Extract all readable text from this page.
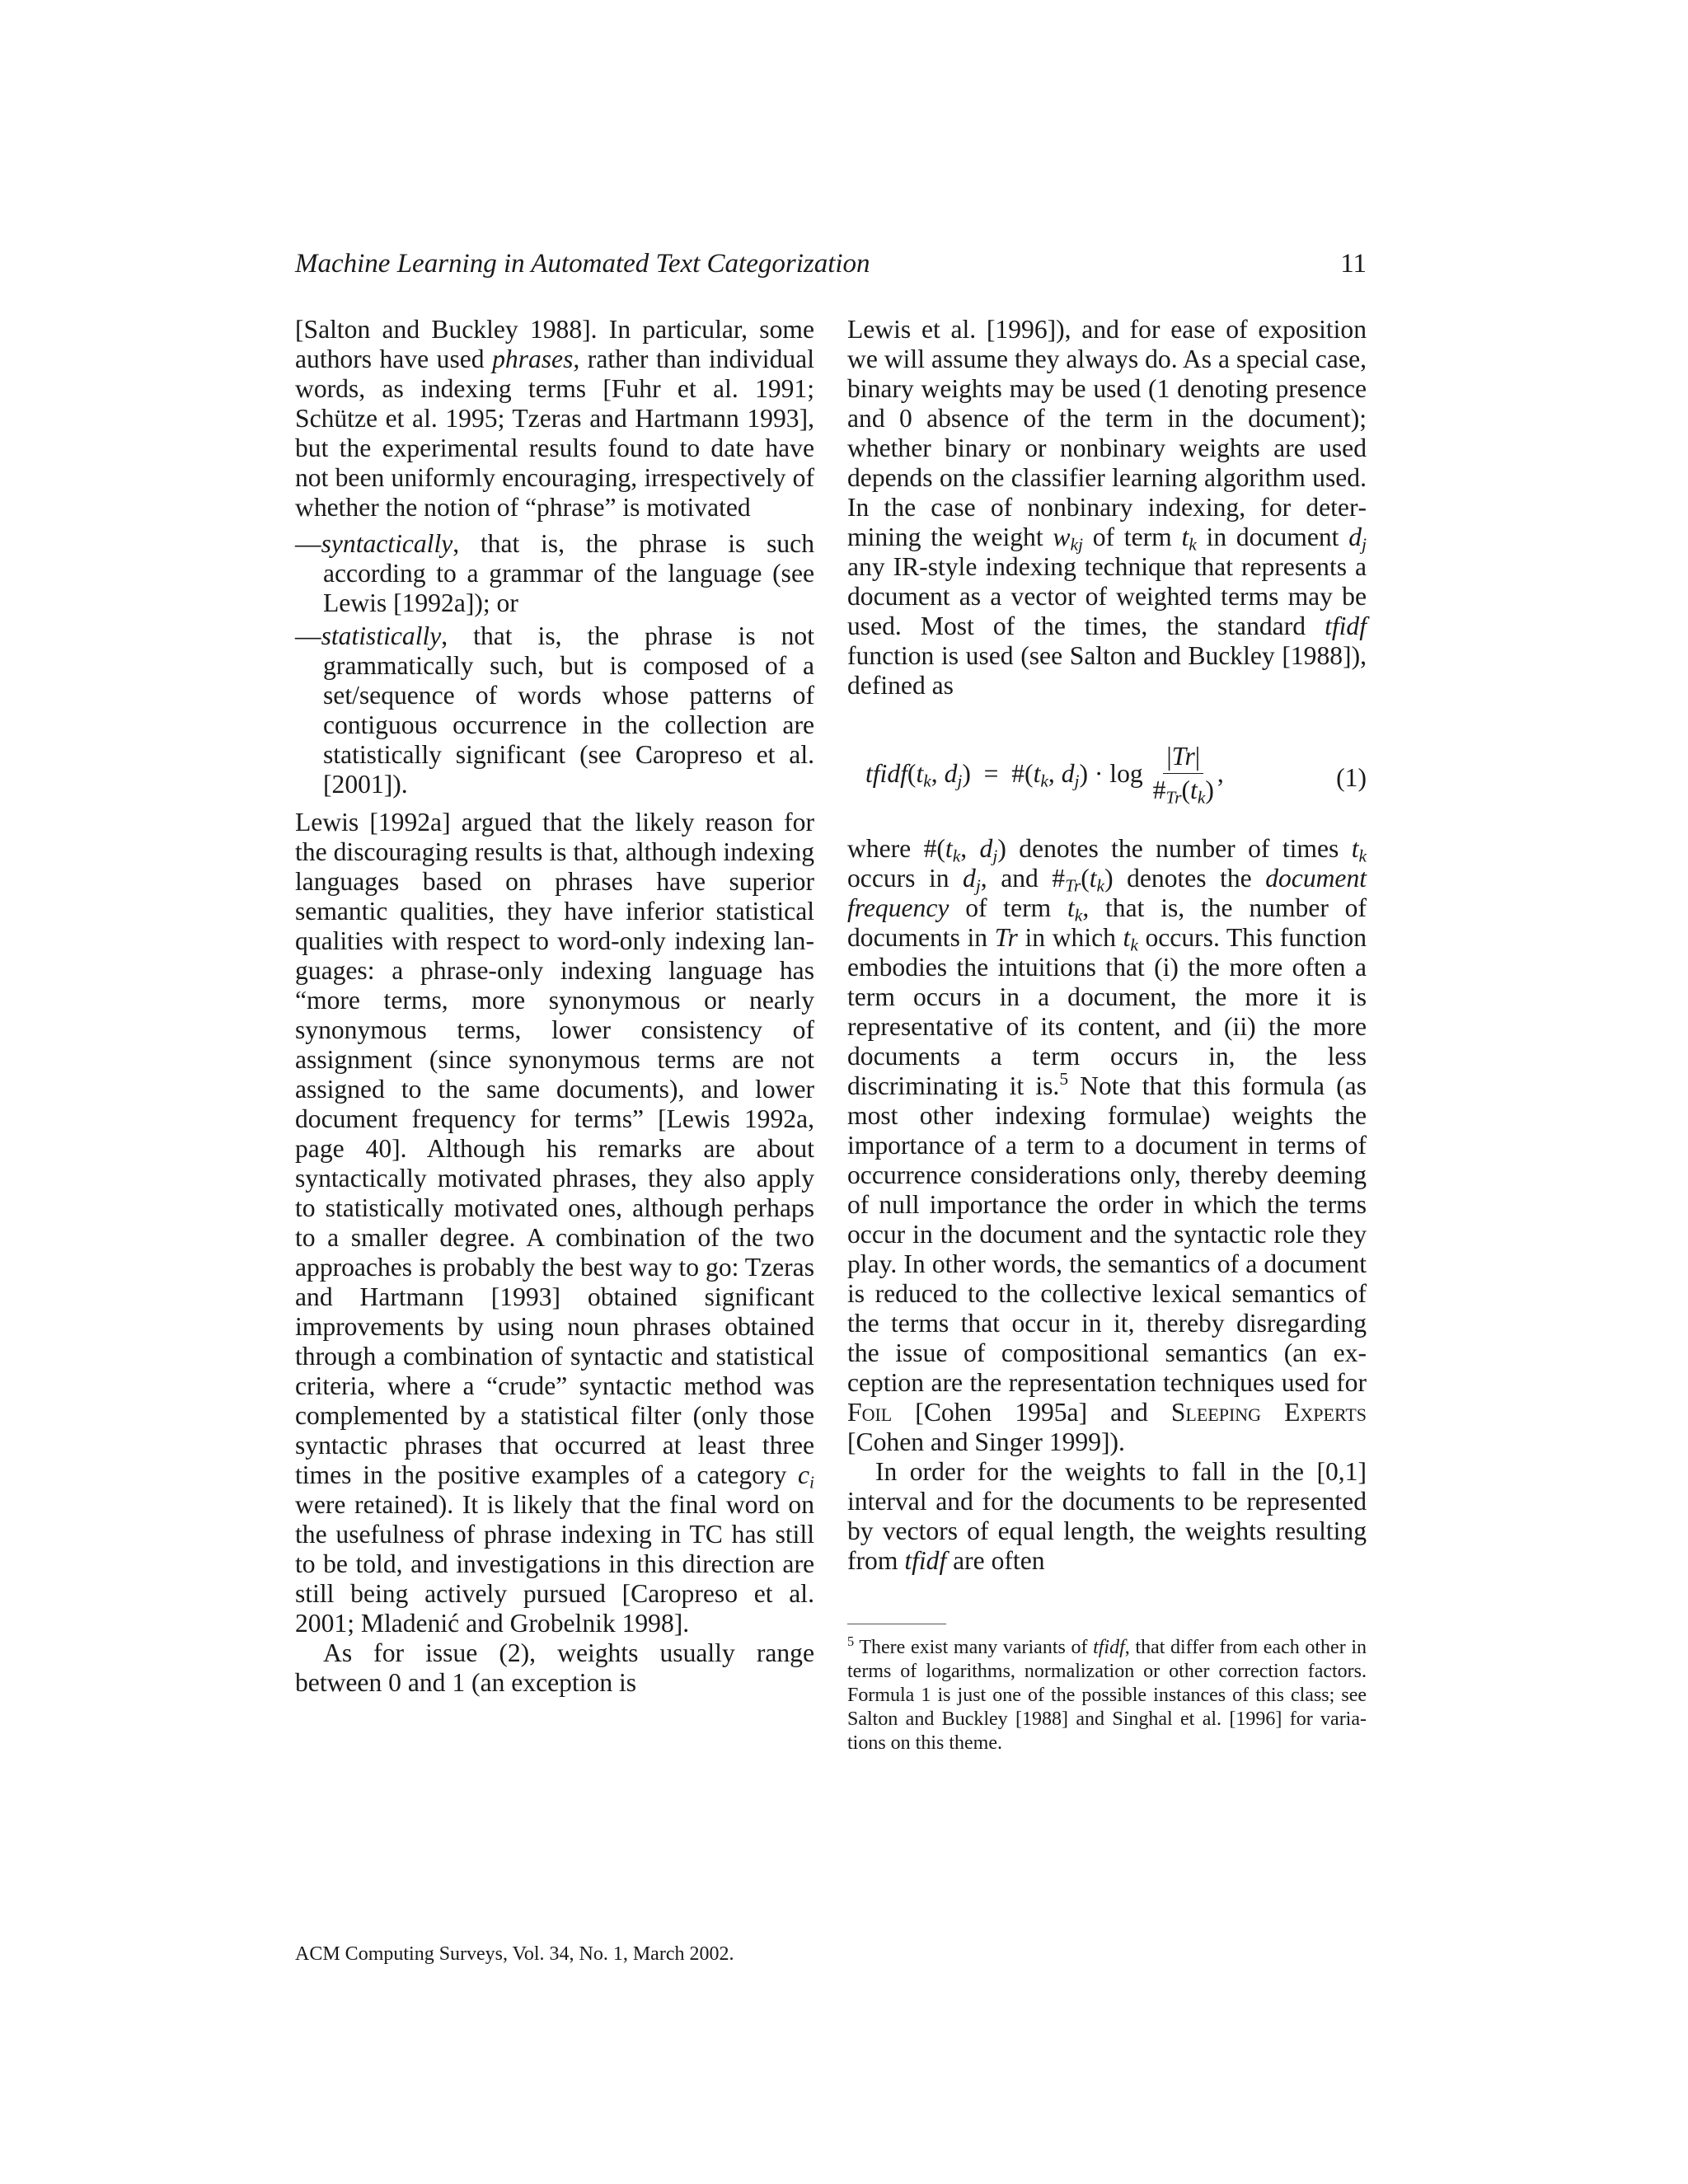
Machine Learning in Automated Text Categorization	11

[Salton and Buckley 1988]. In particular, some authors have used phrases, rather than individual words, as indexing terms [Fuhr et al. 1991; Schütze et al. 1995; Tzeras and Hartmann 1993], but the experimental results found to date have not been uniformly encouraging, irrespectively of whether the notion of “phrase” is motivated

—syntactically, that is, the phrase is such according to a grammar of the language (see Lewis [1992a]); or
—statistically, that is, the phrase is not grammatically such, but is composed of a set/sequence of words whose patterns of contiguous occurrence in the collection are statistically significant (see Caropreso et al. [2001]).

Lewis [1992a] argued that the likely reason for the discouraging results is that, although indexing languages based on phrases have superior semantic qualities, they have inferior statistical qualities with respect to word-only indexing languages: a phrase-only indexing language has “more terms, more synonymous or nearly synonymous terms, lower consistency of assignment (since synonymous terms are not assigned to the same documents), and lower document frequency for terms” [Lewis 1992a, page 40]. Although his remarks are about syntactically motivated phrases, they also apply to statistically motivated ones, although perhaps to a smaller degree. A combination of the two approaches is probably the best way to go: Tzeras and Hartmann [1993] obtained significant improvements by using noun phrases obtained through a combination of syntactic and statistical criteria, where a “crude” syntactic method was complemented by a statistical filter (only those syntactic phrases that occurred at least three times in the positive examples of a category $c_i$ were retained). It is likely that the final word on the usefulness of phrase indexing in TC has still to be told, and investigations in this direction are still being actively pursued [Caropreso et al. 2001; Mladenić and Grobelnik 1998].

As for issue (2), weights usually range between 0 and 1 (an exception is

Lewis et al. [1996]), and for ease of exposition we will assume they always do. As a special case, binary weights may be used (1 denoting presence and 0 absence of the term in the document); whether binary or nonbinary weights are used depends on the classifier learning algorithm used. In the case of nonbinary indexing, for determining the weight $w_{kj}$ of term $t_k$ in document $d_j$ any IR-style indexing technique that represents a document as a vector of weighted terms may be used. Most of the times, the standard tfidf function is used (see Salton and Buckley [1988]), defined as

$tfidf(t_k$, $d_j$)  =  $\#(t_k$, $d_j) \cdot \log \frac{|Tr|}{\#_{Tr}(t_k)}$ ,	(1)

where $\#(t_k$, $d_j$) denotes the number of times $t_k$ occurs in $d_j$, and $\#_{Tr}(t_k)$ denotes the document frequency of term $t_k$, that is, the number of documents in Tr in which $t_k$ occurs. This function embodies the intuitions that (i) the more often a term occurs in a document, the more it is representative of its content, and (ii) the more documents a term occurs in, the less discriminating it is.$^5$ Note that this formula (as most other indexing formulae) weights the importance of a term to a document in terms of occurrence considerations only, thereby deeming of null importance the order in which the terms occur in the document and the syntactic role they play. In other words, the semantics of a document is reduced to the collective lexical semantics of the terms that occur in it, thereby disregarding the issue of compositional semantics (an exception are the representation techniques used for Foil [Cohen 1995a] and Sleeping Experts [Cohen and Singer 1999]).

In order for the weights to fall in the [0,1] interval and for the documents to be represented by vectors of equal length, the weights resulting from tfidf are often

$^5$ There exist many variants of tfidf, that differ from each other in terms of logarithms, normalization or other correction factors. Formula 1 is just one of the possible instances of this class; see Salton and Buckley [1988] and Singhal et al. [1996] for variations on this theme.

ACM Computing Surveys, Vol. 34, No. 1, March 2002.
